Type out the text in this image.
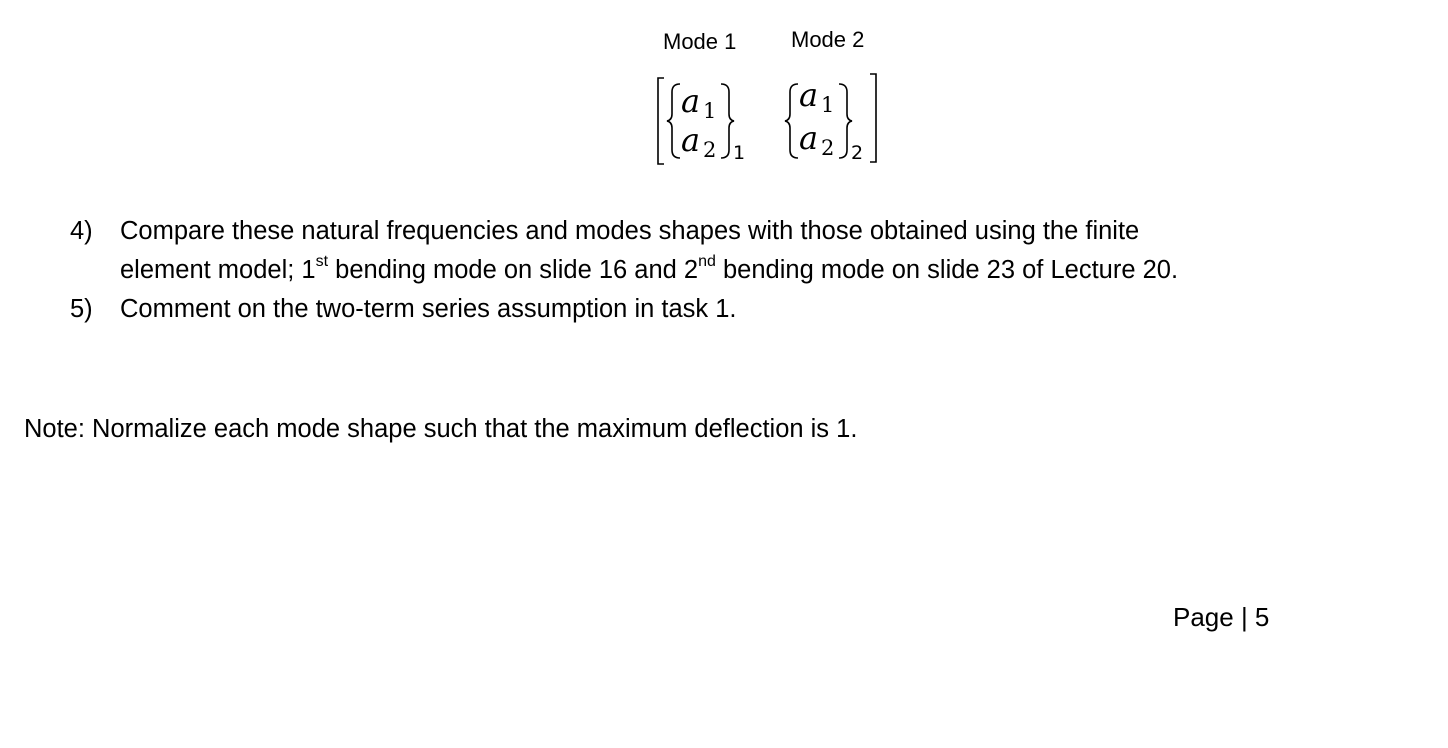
Mode 1 Mode 2
a 1
a 2 1
a 1
a 2 2
4) Compare these natural frequencies and modes shapes with those obtained using the finite
element model; 1st bending mode on slide 16 and 2nd bending mode on slide 23 of Lecture 20.
5) Comment on the two-term series assumption in task 1.
Note: Normalize each mode shape such that the maximum deflection is 1.
Page | 5
